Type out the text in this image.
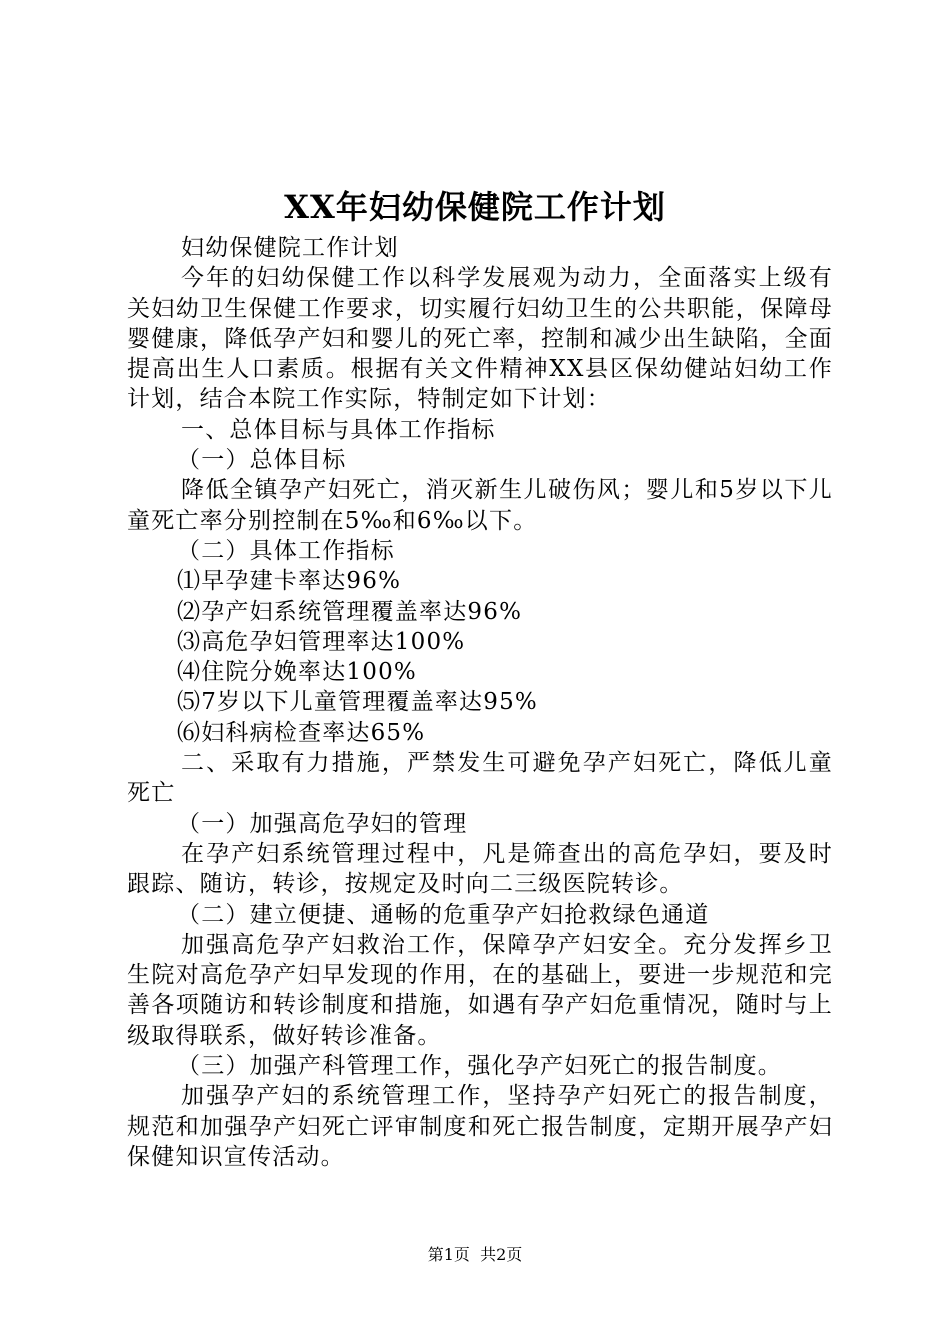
XX年妇幼保健院工作计划

妇幼保健院工作计划

今年的妇幼保健工作以科学发展观为动力，全面落实上级有关妇幼卫生保健工作要求，切实履行妇幼卫生的公共职能，保障母婴健康，降低孕产妇和婴儿的死亡率，控制和减少出生缺陷，全面提高出生人口素质。根据有关文件精神XX县区保幼健站妇幼工作计划，结合本院工作实际，特制定如下计划：

一、总体目标与具体工作指标

（一）总体目标

降低全镇孕产妇死亡，消灭新生儿破伤风；婴儿和5岁以下儿童死亡率分别控制在5‰和6‰以下。

（二）具体工作指标

⑴早孕建卡率达96%

⑵孕产妇系统管理覆盖率达96%

⑶高危孕妇管理率达100%

⑷住院分娩率达100%

⑸7岁以下儿童管理覆盖率达95%

⑹妇科病检查率达65%

二、采取有力措施，严禁发生可避免孕产妇死亡，降低儿童死亡

（一）加强高危孕妇的管理

在孕产妇系统管理过程中，凡是筛查出的高危孕妇，要及时跟踪、随访，转诊，按规定及时向二三级医院转诊。

（二）建立便捷、通畅的危重孕产妇抢救绿色通道

加强高危孕产妇救治工作，保障孕产妇安全。充分发挥乡卫生院对高危孕产妇早发现的作用，在的基础上，要进一步规范和完善各项随访和转诊制度和措施，如遇有孕产妇危重情况，随时与上级取得联系，做好转诊准备。

（三）加强产科管理工作，强化孕产妇死亡的报告制度。

加强孕产妇的系统管理工作，坚持孕产妇死亡的报告制度，规范和加强孕产妇死亡评审制度和死亡报告制度，定期开展孕产妇保健知识宣传活动。

第1页  共2页
